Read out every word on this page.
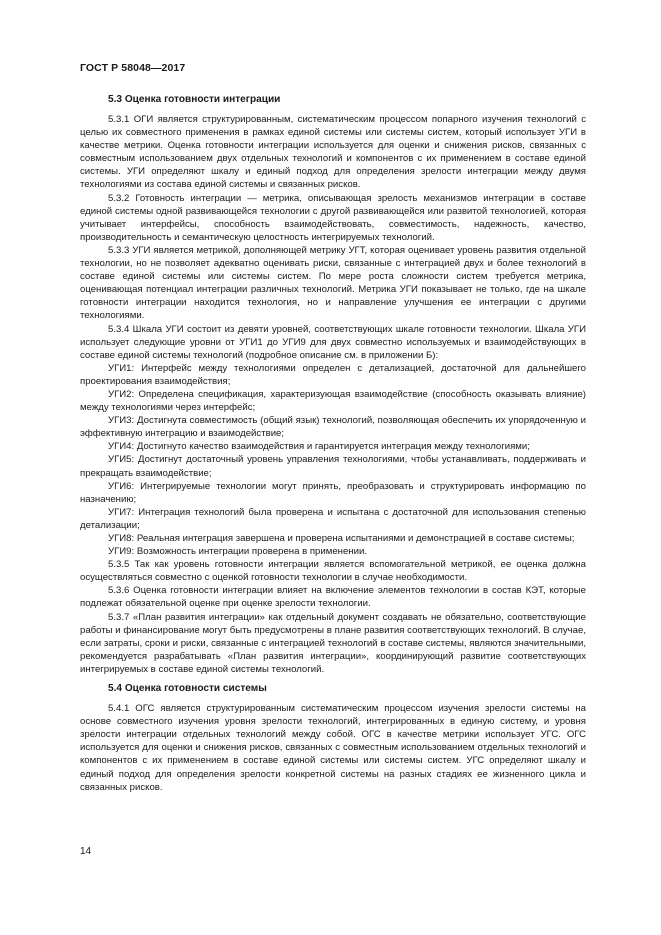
ГОСТ Р 58048—2017
5.3 Оценка готовности интеграции

5.3.1 ОГИ является структурированным, систематическим процессом попарного изучения технологий с целью их совместного применения в рамках единой системы или системы систем, который использует УГИ в качестве метрики. Оценка готовности интеграции используется для оценки и снижения рисков, связанных с совместным использованием двух отдельных технологий и компонентов с их применением в составе единой системы. УГИ определяют шкалу и единый подход для определения зрелости интеграции между двумя технологиями из состава единой системы и связанных рисков.

5.3.2 Готовность интеграции — метрика, описывающая зрелость механизмов интеграции в составе единой системы одной развивающейся технологии с другой развивающейся или развитой технологией, которая учитывает интерфейсы, способность взаимодействовать, совместимость, надежность, качество, производительность и семантическую целостность интегрируемых технологий.

5.3.3 УГИ является метрикой, дополняющей метрику УГТ, которая оценивает уровень развития отдельной технологии, но не позволяет адекватно оценивать риски, связанные с интеграцией двух и более технологий в составе единой системы или системы систем. По мере роста сложности систем требуется метрика, оценивающая потенциал интеграции различных технологий. Метрика УГИ показывает не только, где на шкале готовности интеграции находится технология, но и направление улучшения ее интеграции с другими технологиями.

5.3.4 Шкала УГИ состоит из девяти уровней, соответствующих шкале готовности технологии. Шкала УГИ использует следующие уровни от УГИ1 до УГИ9 для двух совместно используемых и взаимодействующих в составе единой системы технологий (подробное описание см. в приложении Б):

УГИ1: Интерфейс между технологиями определен с детализацией, достаточной для дальнейшего проектирования взаимодействия;

УГИ2: Определена спецификация, характеризующая взаимодействие (способность оказывать влияние) между технологиями через интерфейс;

УГИ3: Достигнута совместимость (общий язык) технологий, позволяющая обеспечить их упорядоченную и эффективную интеграцию и взаимодействие;

УГИ4: Достигнуто качество взаимодействия и гарантируется интеграция между технологиями;

УГИ5: Достигнут достаточный уровень управления технологиями, чтобы устанавливать, поддерживать и прекращать взаимодействие;

УГИ6: Интегрируемые технологии могут принять, преобразовать и структурировать информацию по назначению;

УГИ7: Интеграция технологий была проверена и испытана с достаточной для использования степенью детализации;

УГИ8: Реальная интеграция завершена и проверена испытаниями и демонстрацией в составе системы;

УГИ9: Возможность интеграции проверена в применении.

5.3.5 Так как уровень готовности интеграции является вспомогательной метрикой, ее оценка должна осуществляться совместно с оценкой готовности технологии в случае необходимости.

5.3.6 Оценка готовности интеграции влияет на включение элементов технологии в состав КЭТ, которые подлежат обязательной оценке при оценке зрелости технологии.

5.3.7 «План развития интеграции» как отдельный документ создавать не обязательно, соответствующие работы и финансирование могут быть предусмотрены в плане развития соответствующих технологий. В случае, если затраты, сроки и риски, связанные с интеграцией технологий в составе системы, являются значительными, рекомендуется разрабатывать «План развития интеграции», координирующий развитие соответствующих интегрируемых в составе единой системы технологий.

5.4 Оценка готовности системы

5.4.1 ОГС является структурированным систематическим процессом изучения зрелости системы на основе совместного изучения уровня зрелости технологий, интегрированных в единую систему, и уровня зрелости интеграции отдельных технологий между собой. ОГС в качестве метрики использует УГС. ОГС используется для оценки и снижения рисков, связанных с совместным использованием отдельных технологий и компонентов с их применением в составе единой системы или системы систем. УГС определяют шкалу и единый подход для определения зрелости конкретной системы на разных стадиях ее жизненного цикла и связанных рисков.

14
